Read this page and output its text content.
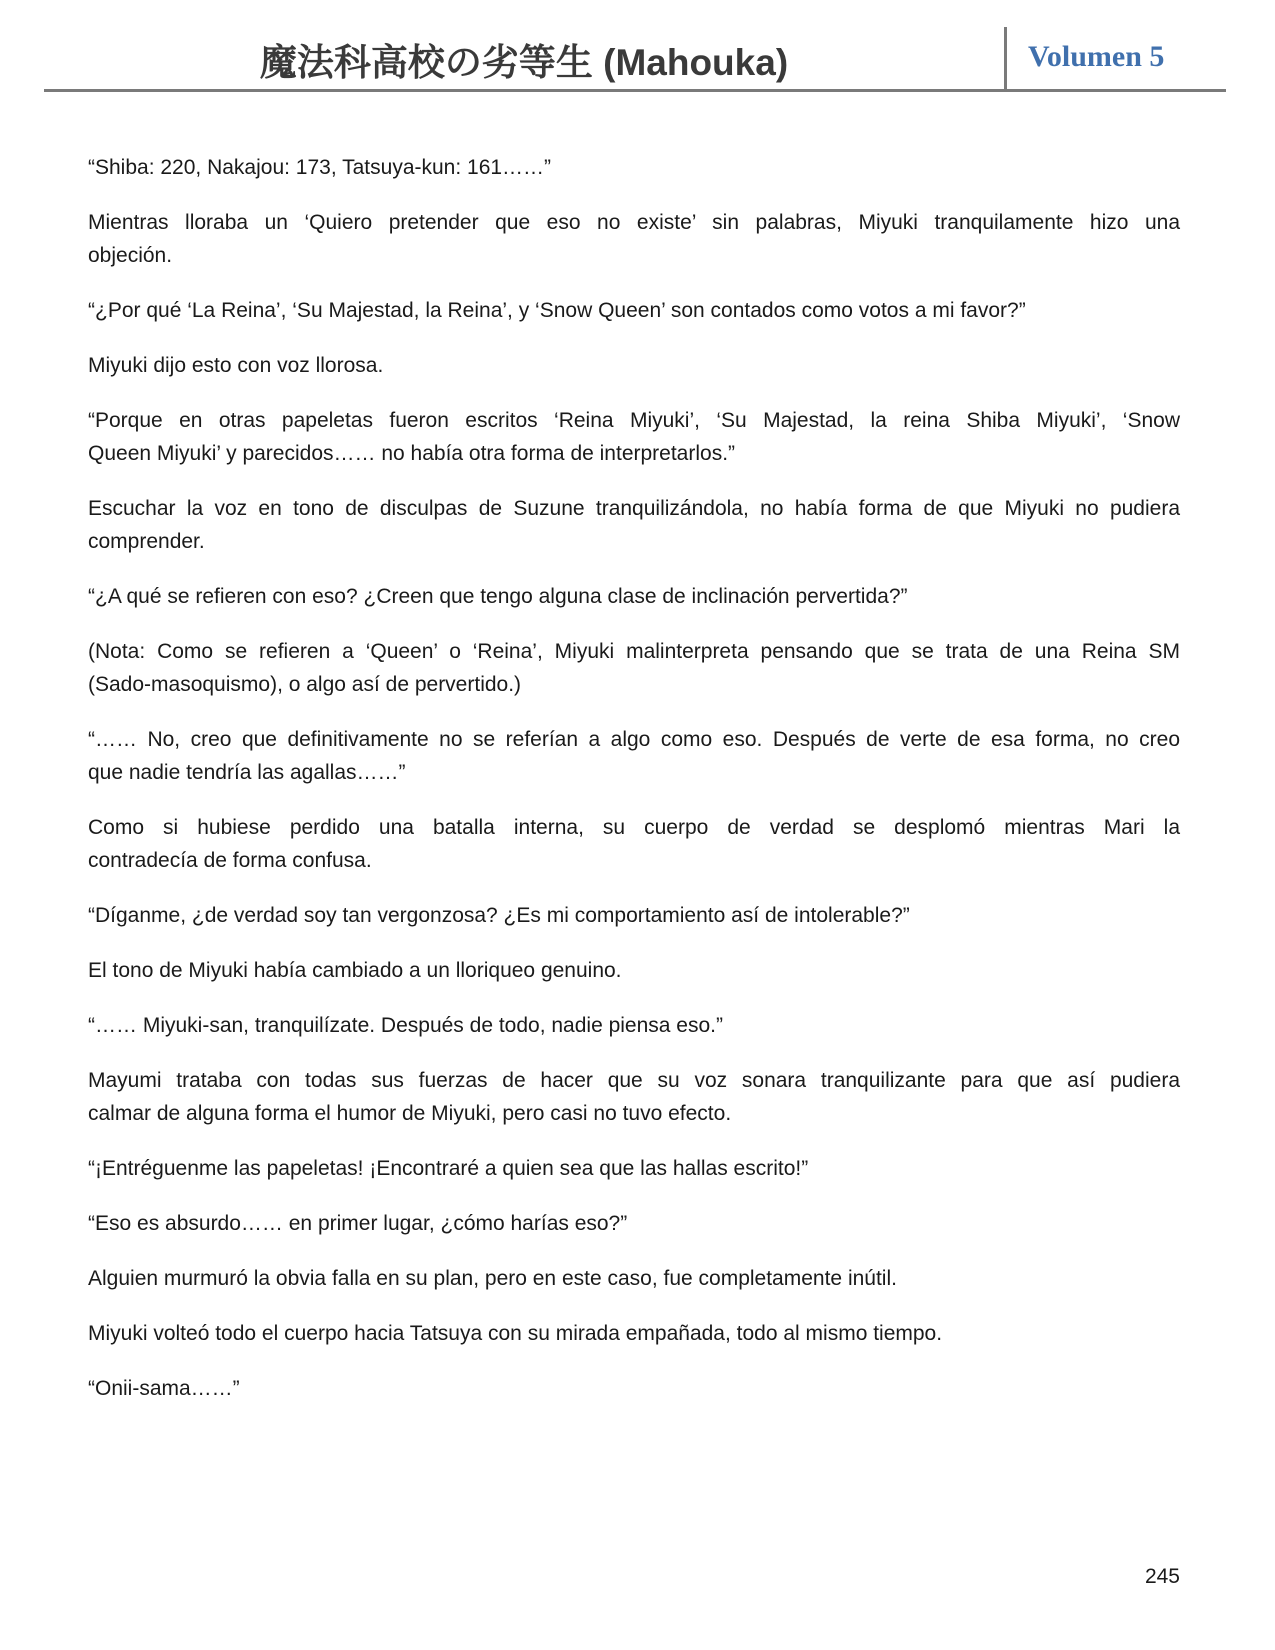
魔法科高校の劣等生 (Mahouka)	Volumen 5

“Shiba: 220, Nakajou: 173, Tatsuya-kun: 161……”

Mientras lloraba un ‘Quiero pretender que eso no existe’ sin palabras, Miyuki tranquilamente hizo una
objeción.

“¿Por qué ‘La Reina’, ‘Su Majestad, la Reina’, y ‘Snow Queen’ son contados como votos a mi favor?”

Miyuki dijo esto con voz llorosa.

“Porque en otras papeletas fueron escritos ‘Reina Miyuki’, ‘Su Majestad, la reina Shiba Miyuki’, ‘Snow
Queen Miyuki’ y parecidos…… no había otra forma de interpretarlos.”

Escuchar la voz en tono de disculpas de Suzune tranquilizándola, no había forma de que Miyuki no pudiera
comprender.

“¿A qué se refieren con eso? ¿Creen que tengo alguna clase de inclinación pervertida?”

(Nota: Como se refieren a ‘Queen’ o ‘Reina’, Miyuki malinterpreta pensando que se trata de una Reina SM
(Sado-masoquismo), o algo así de pervertido.)

“…… No, creo que definitivamente no se referían a algo como eso. Después de verte de esa forma, no creo
que nadie tendría las agallas……”

Como si hubiese perdido una batalla interna, su cuerpo de verdad se desplomó mientras Mari la
contradecía de forma confusa.

“Díganme, ¿de verdad soy tan vergonzosa? ¿Es mi comportamiento así de intolerable?”

El tono de Miyuki había cambiado a un lloriqueo genuino.

“…… Miyuki-san, tranquilízate. Después de todo, nadie piensa eso.”

Mayumi trataba con todas sus fuerzas de hacer que su voz sonara tranquilizante para que así pudiera
calmar de alguna forma el humor de Miyuki, pero casi no tuvo efecto.

“¡Entréguenme las papeletas! ¡Encontraré a quien sea que las hallas escrito!”

“Eso es absurdo…… en primer lugar, ¿cómo harías eso?”

Alguien murmuró la obvia falla en su plan, pero en este caso, fue completamente inútil.

Miyuki volteó todo el cuerpo hacia Tatsuya con su mirada empañada, todo al mismo tiempo.

“Onii-sama……”

245
